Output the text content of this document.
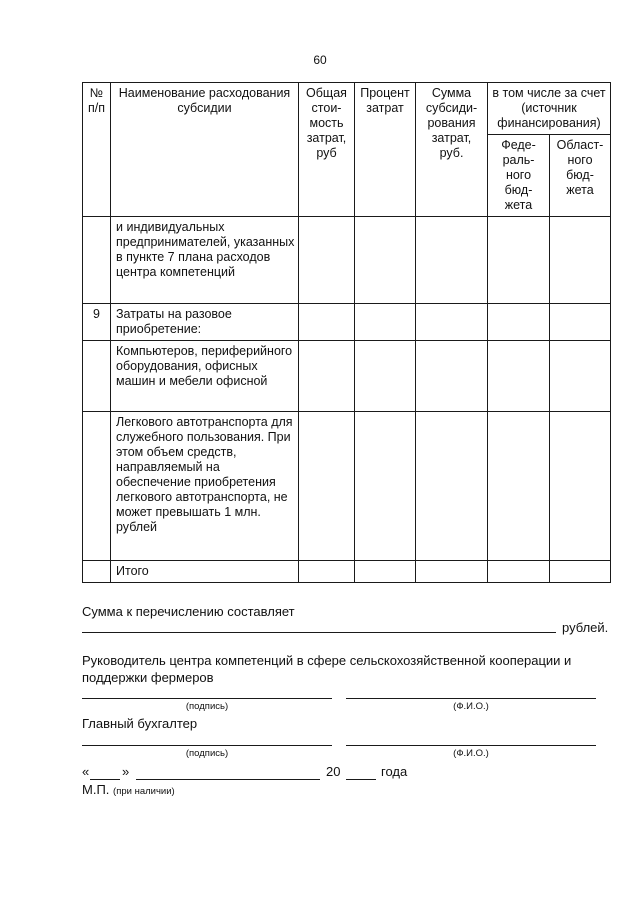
60
№ п/п	Наименование расходования субсидии	Общая стои- мость затрат, руб	Процент затрат	Сумма субсиди- рования затрат, руб.	в том числе за счет (источник финансирования)	
					Феде- раль- ного бюд- жета	Област- ного бюд- жета
	и индивидуальных предпринимателей, указанных в пункте 7 плана расходов центра компетенций					
9	Затраты на разовое приобретение:					
	Компьютеров, периферийного оборудования, офисных машин и мебели офисной					
	Легкового автотранспорта для служебного пользования. При этом объем средств, направляемый на обеспечение приобретения легкового автотранспорта, не может превышать 1 млн. рублей					
	Итого					
Сумма к перечислению составляет
рублей.
Руководитель центра компетенций в сфере сельскохозяйственной кооперации и поддержки фермеров
(подпись)	(Ф.И.О.)
Главный бухгалтер
(подпись)	(Ф.И.О.)
«	»	20	года
М.П. (при наличии)
